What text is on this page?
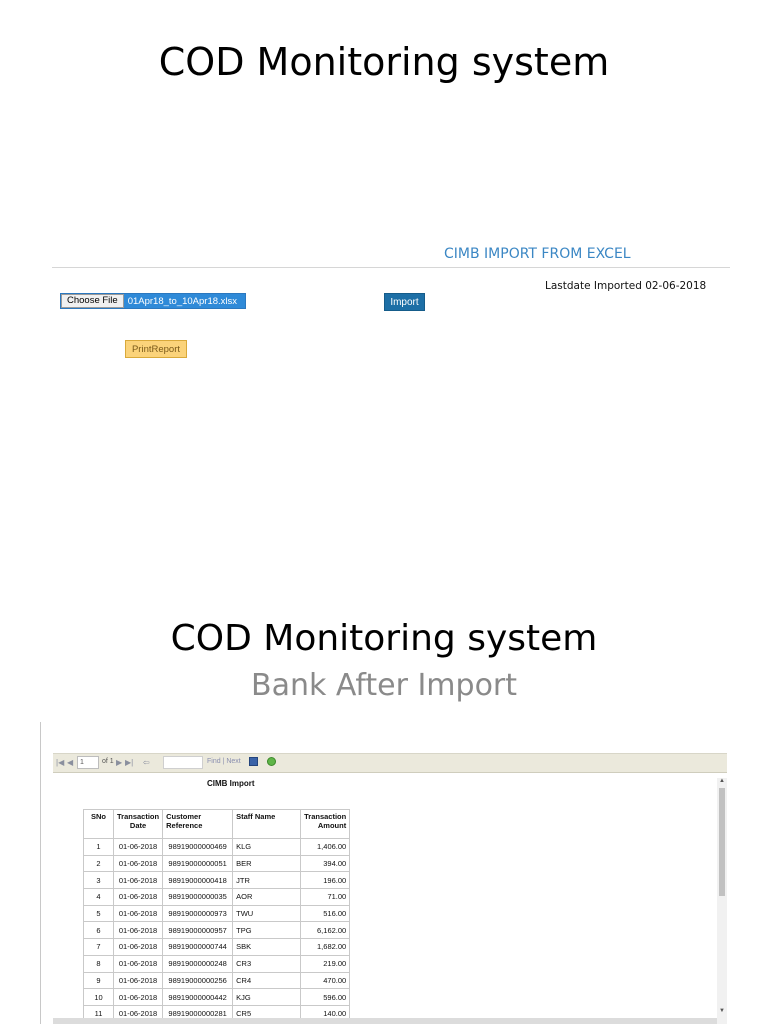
COD Monitoring system
CIMB IMPORT FROM EXCEL
Lastdate Imported 02-06-2018
Choose File	01Apr18_to_10Apr18.xlsx	Import
PrintReport
COD Monitoring system
Bank After Import
|◀ ◀ 1	of 1 ▶ ▶| ⇦	Find | Next
CIMB Import
SNo	Transaction Date	Customer Reference	Staff Name	Transaction Amount
1	01-06-2018	98919000000469	KLG	1,406.00
2	01-06-2018	98919000000051	BER	394.00
3	01-06-2018	98919000000418	JTR	196.00
4	01-06-2018	98919000000035	AOR	71.00
5	01-06-2018	98919000000973	TWU	516.00
6	01-06-2018	98919000000957	TPG	6,162.00
7	01-06-2018	98919000000744	SBK	1,682.00
8	01-06-2018	98919000000248	CR3	219.00
9	01-06-2018	98919000000256	CR4	470.00
10	01-06-2018	98919000000442	KJG	596.00
11	01-06-2018	98919000000281	CR5	140.00
▲
▼
